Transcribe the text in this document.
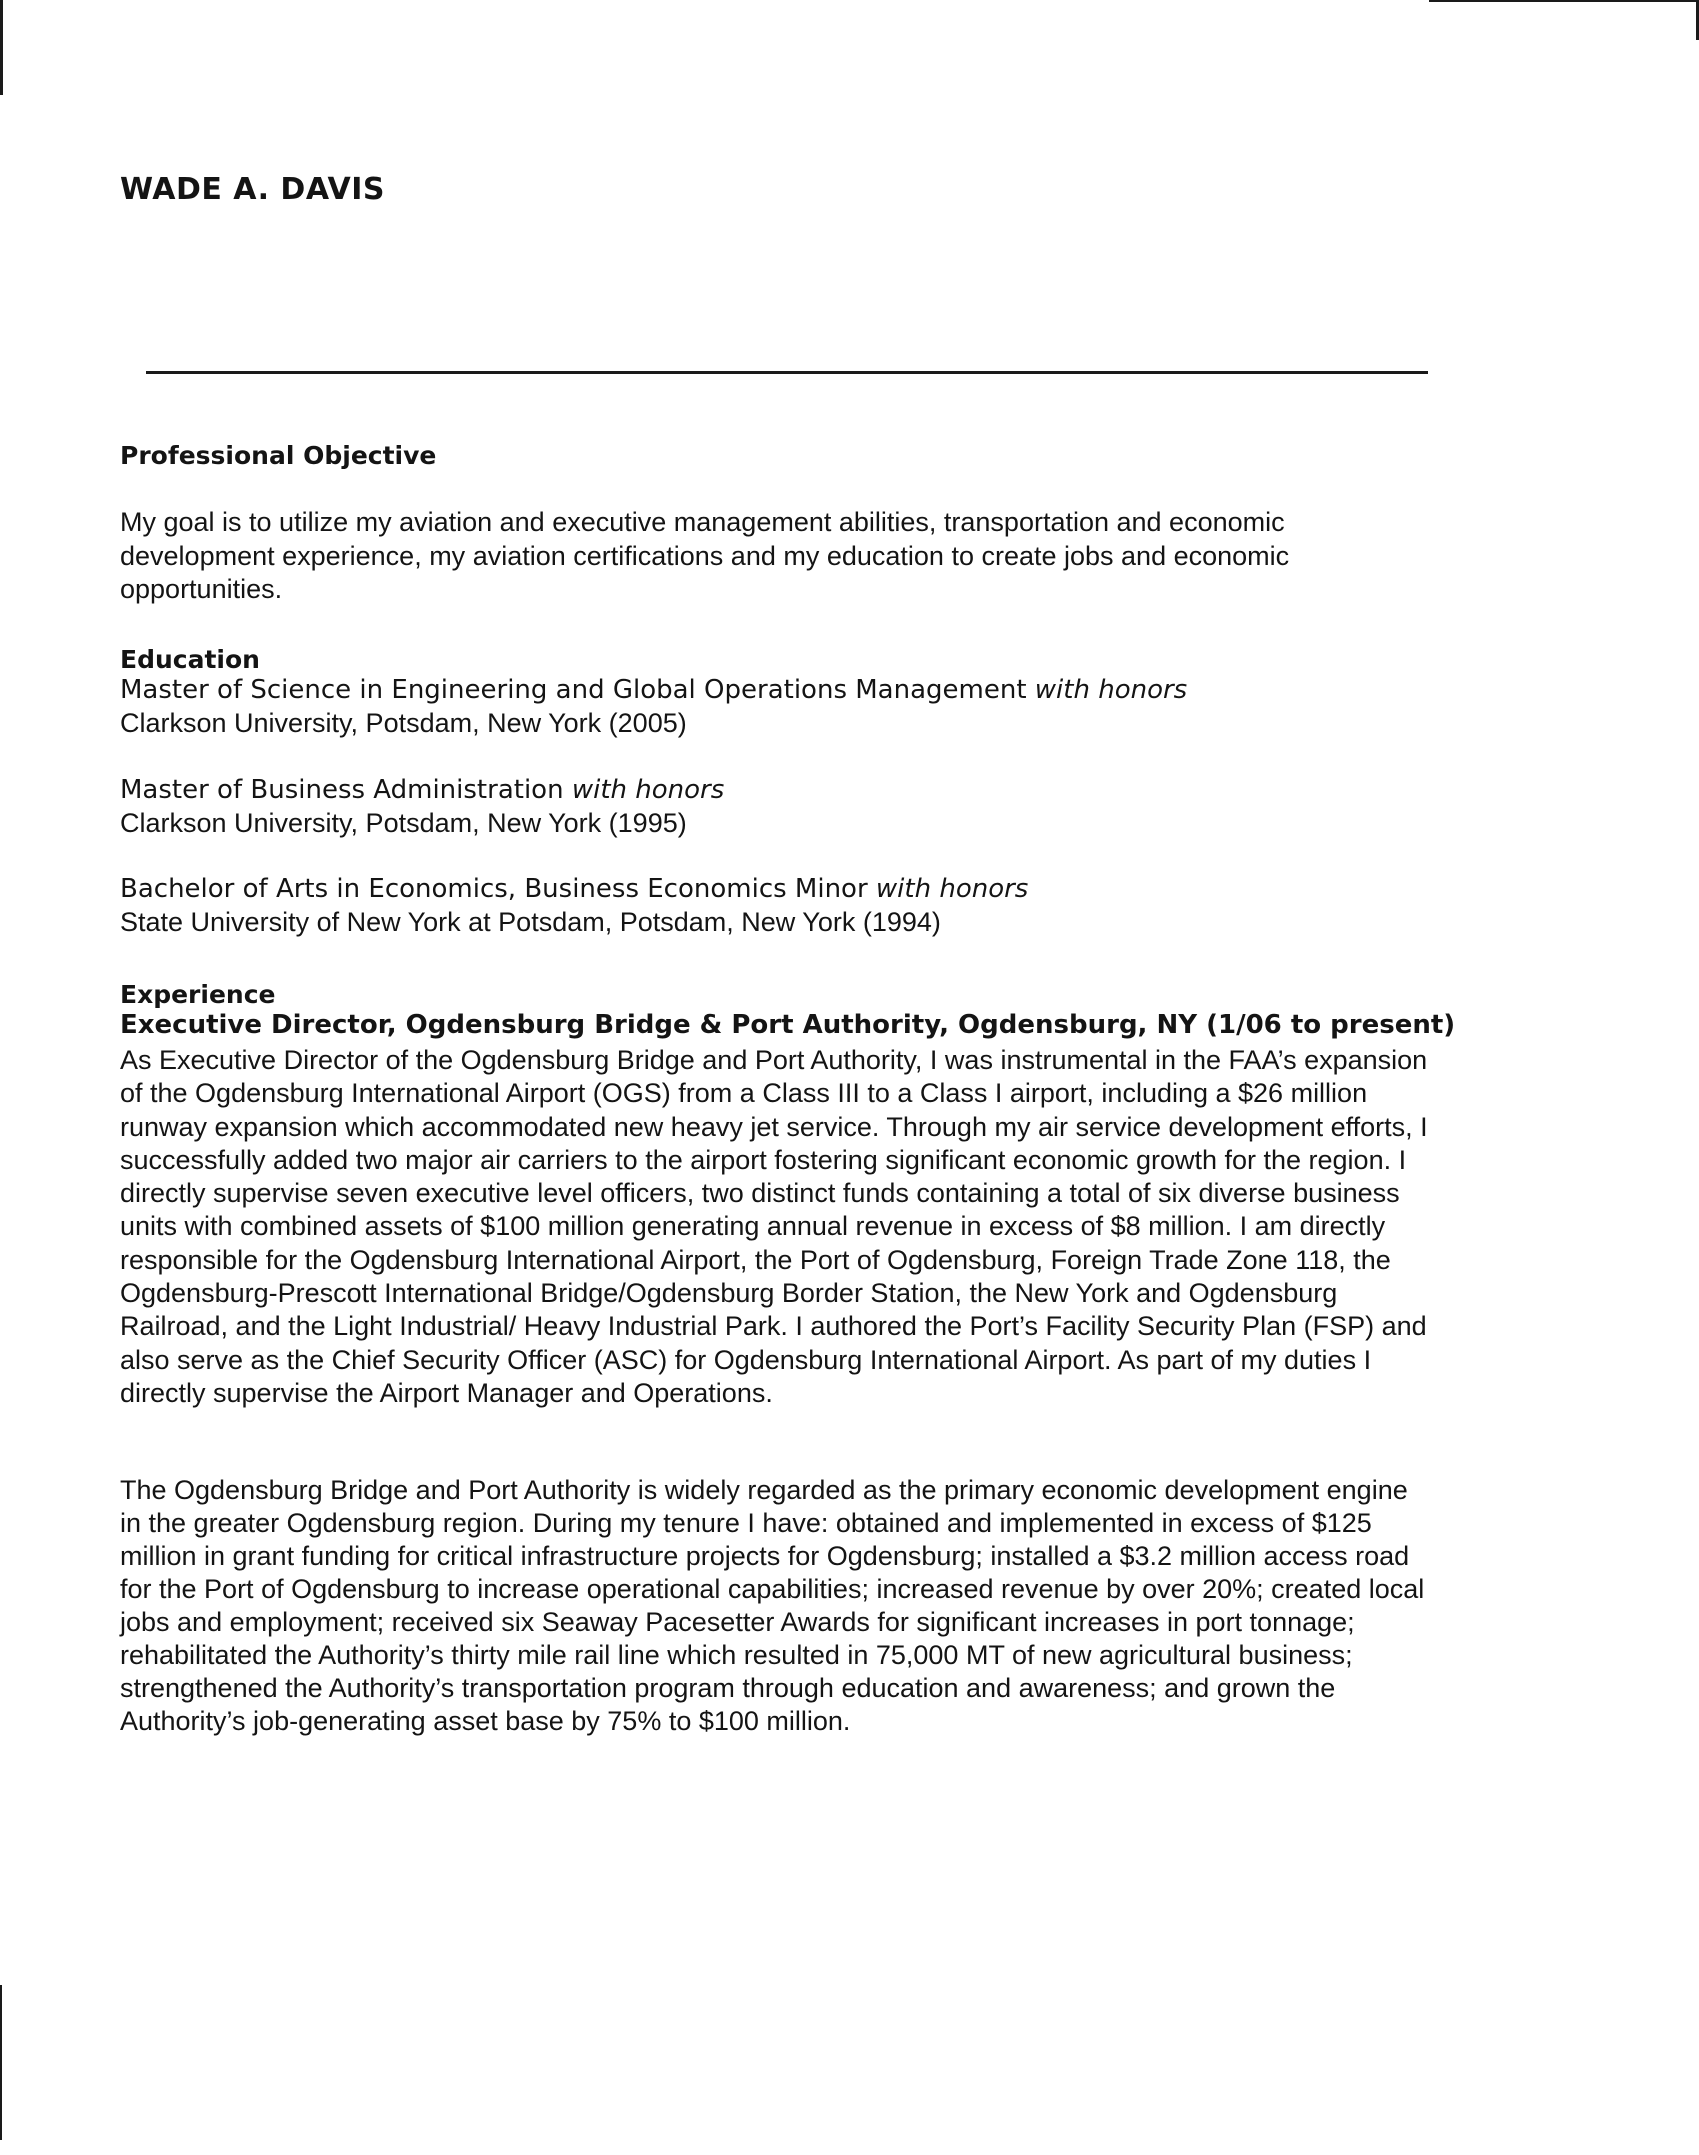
WADE A. DAVIS
Professional Objective

My goal is to utilize my aviation and executive management abilities, transportation and economic development experience, my aviation certifications and my education to create jobs and economic opportunities.

Education
Master of Science in Engineering and Global Operations Management with honors
Clarkson University, Potsdam, New York (2005)
Master of Business Administration with honors
Clarkson University, Potsdam, New York (1995)
Bachelor of Arts in Economics, Business Economics Minor with honors
State University of New York at Potsdam, Potsdam, New York (1994)
Experience
Executive Director, Ogdensburg Bridge & Port Authority, Ogdensburg, NY (1/06 to present)

As Executive Director of the Ogdensburg Bridge and Port Authority, I was instrumental in the FAA’s expansion of the Ogdensburg International Airport (OGS) from a Class III to a Class I airport, including a $26 million runway expansion which accommodated new heavy jet service. Through my air service development efforts, I successfully added two major air carriers to the airport fostering significant economic growth for the region. I directly supervise seven executive level officers, two distinct funds containing a total of six diverse business units with combined assets of $100 million generating annual revenue in excess of $8 million. I am directly responsible for the Ogdensburg International Airport, the Port of Ogdensburg, Foreign Trade Zone 118, the Ogdensburg-Prescott International Bridge/Ogdensburg Border Station, the New York and Ogdensburg Railroad, and the Light Industrial/ Heavy Industrial Park. I authored the Port’s Facility Security Plan (FSP) and also serve as the Chief Security Officer (ASC) for Ogdensburg International Airport. As part of my duties I directly supervise the Airport Manager and Operations.

The Ogdensburg Bridge and Port Authority is widely regarded as the primary economic development engine in the greater Ogdensburg region. During my tenure I have: obtained and implemented in excess of $125 million in grant funding for critical infrastructure projects for Ogdensburg; installed a $3.2 million access road for the Port of Ogdensburg to increase operational capabilities; increased revenue by over 20%; created local jobs and employment; received six Seaway Pacesetter Awards for significant increases in port tonnage; rehabilitated the Authority’s thirty mile rail line which resulted in 75,000 MT of new agricultural business; strengthened the Authority’s transportation program through education and awareness; and grown the Authority’s job-generating asset base by 75% to $100 million.
